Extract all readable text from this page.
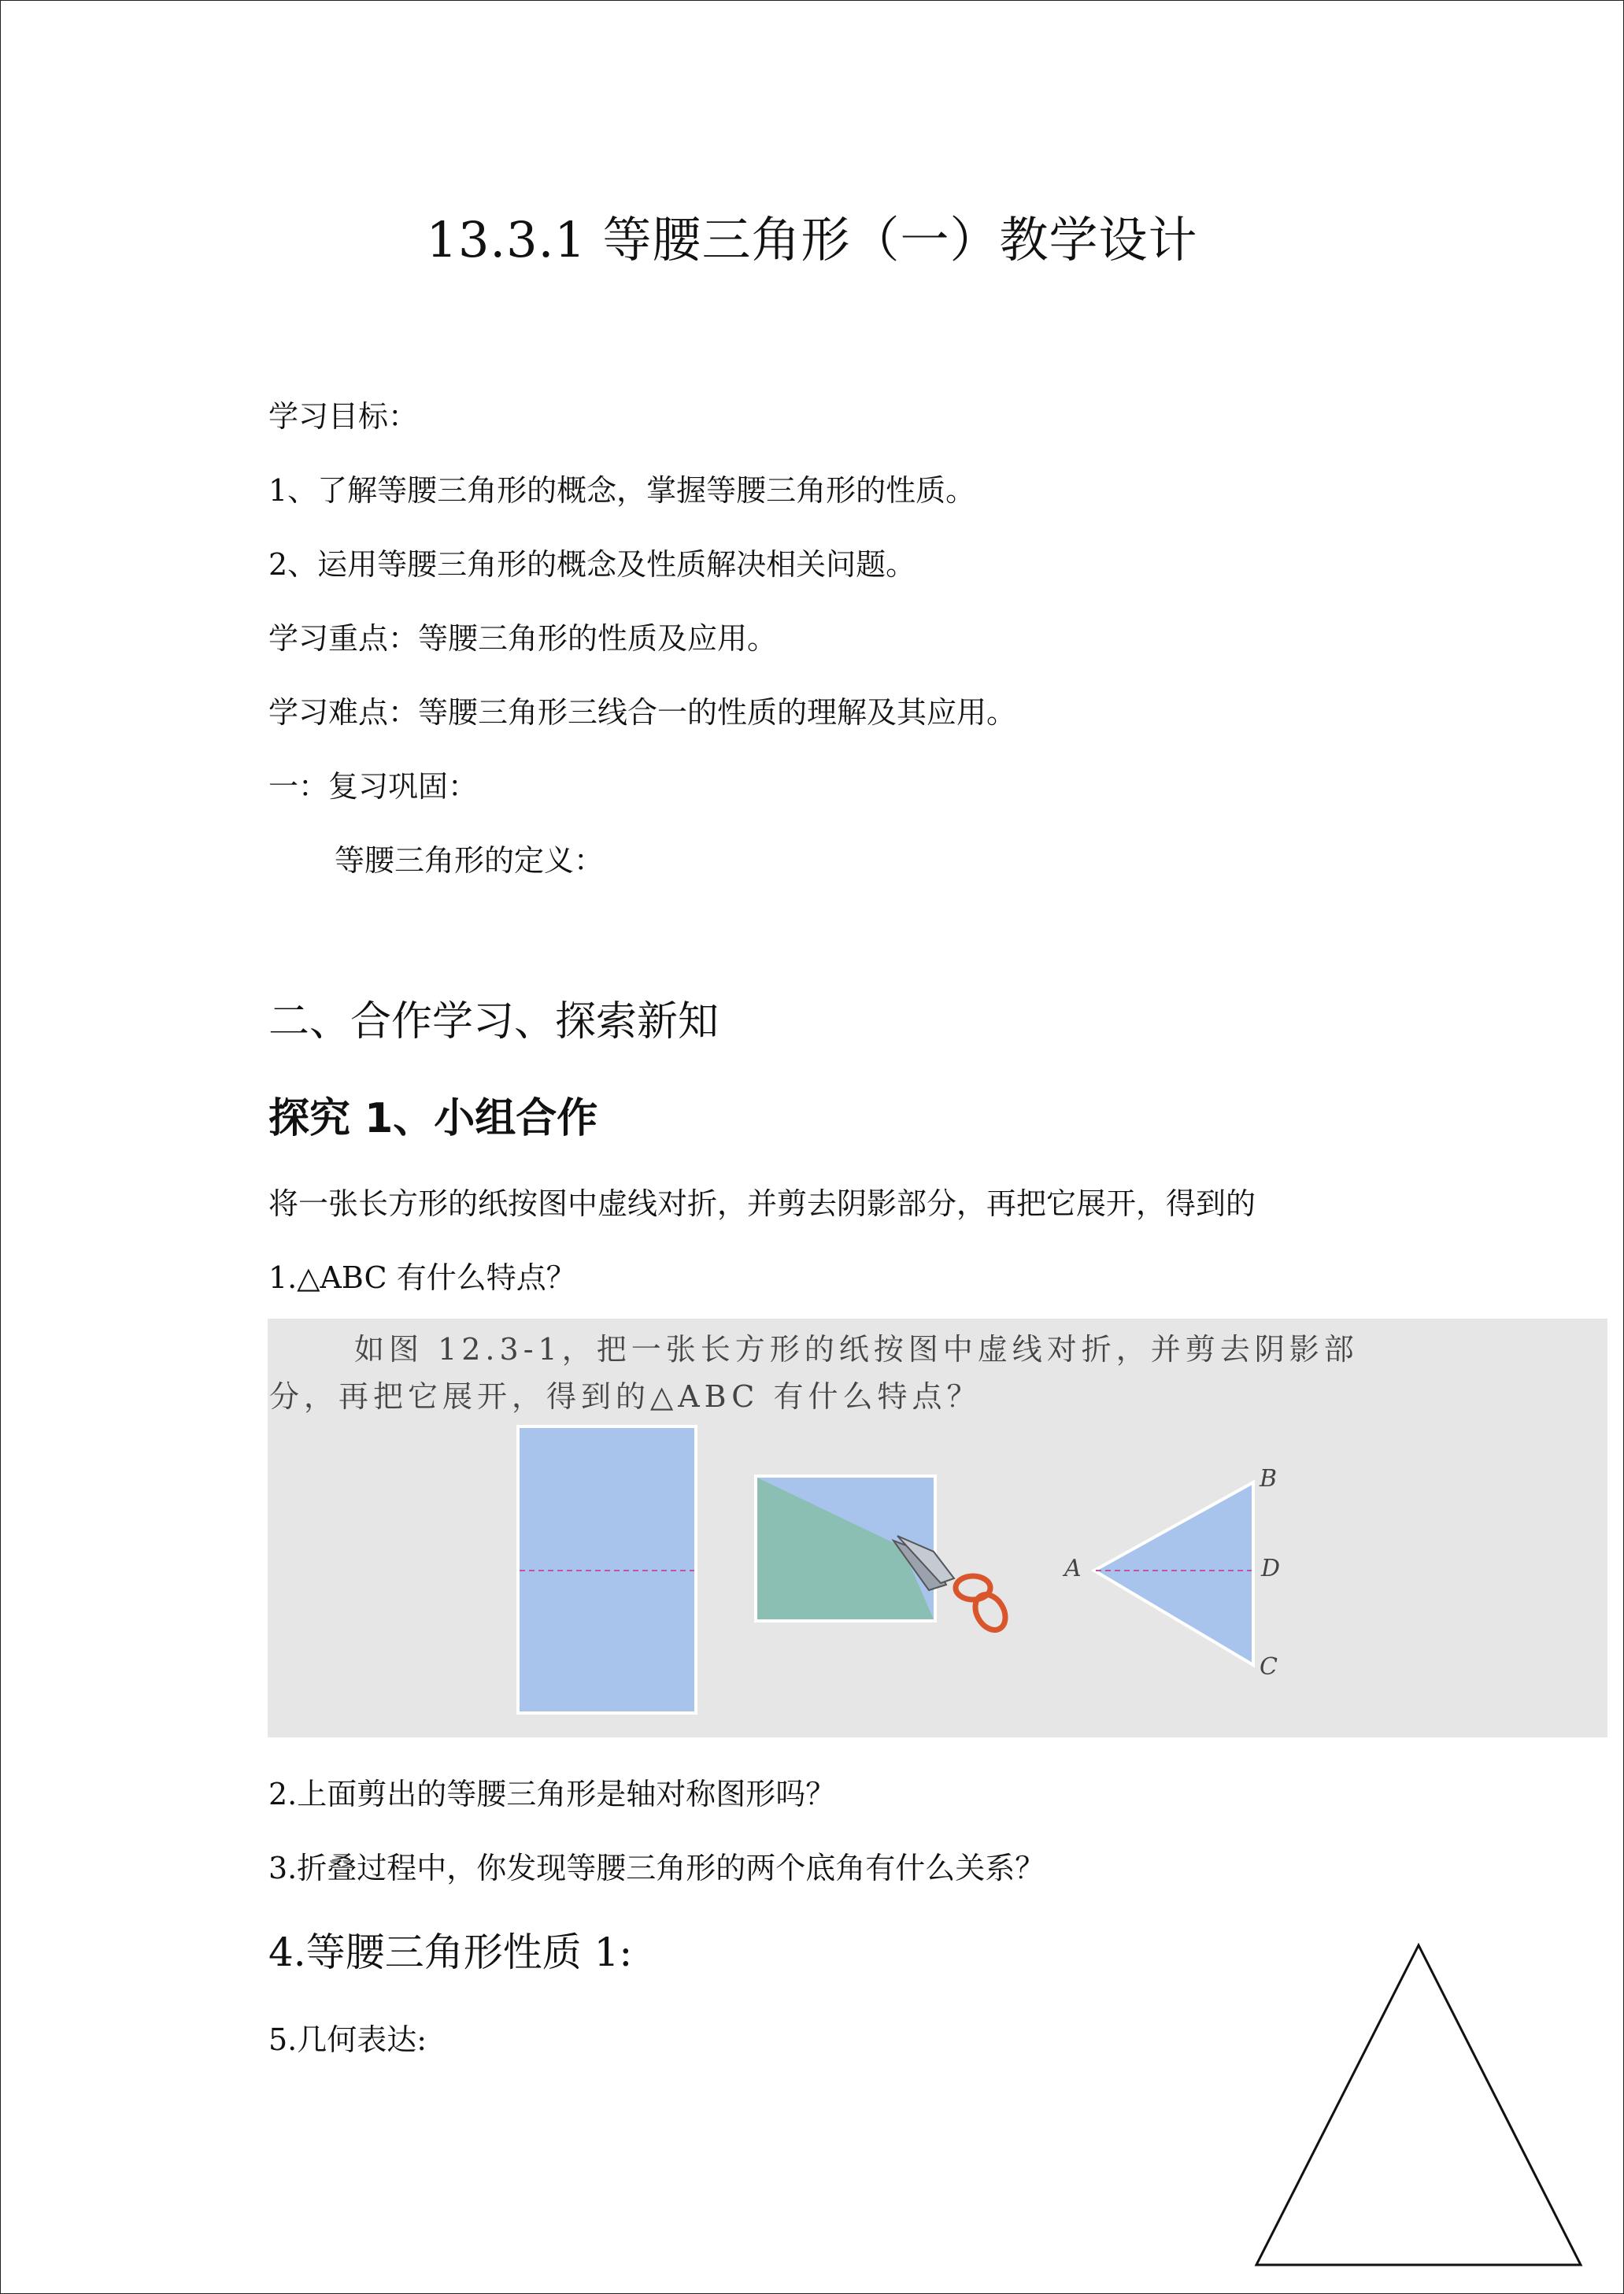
13.3.1 等腰三角形（一）教学设计
学习目标：
1、了解等腰三角形的概念，掌握等腰三角形的性质。
2、运用等腰三角形的概念及性质解决相关问题。
学习重点：等腰三角形的性质及应用。
学习难点：等腰三角形三线合一的性质的理解及其应用。
一：复习巩固：
等腰三角形的定义：
二、合作学习、探索新知
探究 1、小组合作
将一张长方形的纸按图中虚线对折，并剪去阴影部分，再把它展开，得到的
1.△ABC 有什么特点？
如图 12.3-1，把一张长方形的纸按图中虚线对折，并剪去阴影部
分，再把它展开，得到的△ABC 有什么特点？
A
B
D
C
2.上面剪出的等腰三角形是轴对称图形吗？
3.折叠过程中，你发现等腰三角形的两个底角有什么关系？
4.等腰三角形性质 1:
5.几何表达:
